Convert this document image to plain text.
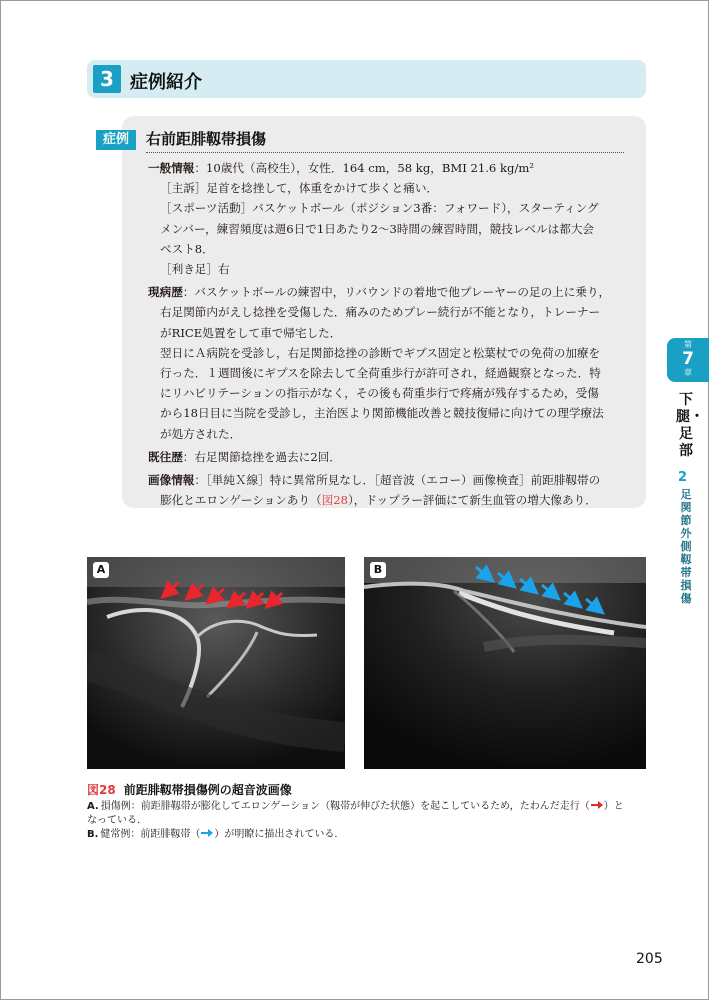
3 症例紹介
症例	右前距腓靱帯損傷

一般情報：10歳代（高校生），女性．164 cm，58 kg，BMI 21.6 kg/m²

［主訴］足首を捻挫して，体重をかけて歩くと痛い．

［スポーツ活動］バスケットボール（ポジション3番：フォワード），スターティング

メンバー，練習頻度は週6日で1日あたり2～3時間の練習時間，競技レベルは都大会

ベスト8．

［利き足］右

現病歴：バスケットボールの練習中，リバウンドの着地で他プレーヤーの足の上に乗り，

右足関節内がえし捻挫を受傷した．痛みのためプレー続行が不能となり，トレーナー

がRICE処置をして車で帰宅した．

翌日にＡ病院を受診し，右足関節捻挫の診断でギプス固定と松葉杖での免荷の加療を

行った．１週間後にギプスを除去して全荷重歩行が許可され，経過観察となった．特

にリハビリテーションの指示がなく，その後も荷重歩行で疼痛が残存するため，受傷

から18日目に当院を受診し，主治医より関節機能改善と競技復帰に向けての理学療法

が処方された．

既往歴：右足関節捻挫を過去に2回．

画像情報：［単純Ｘ線］特に異常所見なし．［超音波（エコー）画像検査］前距腓靱帯の

膨化とエロンゲーションあり（図28），ドップラー評価にて新生血管の増大像あり．

第
7
章
下腿・足部
2
足関節外側靱帯損傷
A	B
図28 前距腓靱帯損傷例の超音波画像
A. 損傷例：前距腓靱帯が膨化してエロンゲーション（靱帯が伸びた状態）を起こしているため，たわんだ走行（ ）と
なっている．
B. 健常例：前距腓靱帯（ ）が明瞭に描出されている．
205
